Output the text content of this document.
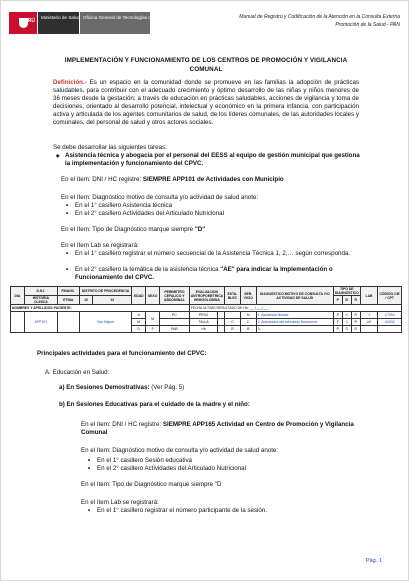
PERÚ
Ministerio de Salud Oficina General de Tecnologías de la Información	Manual de Registro y Codificación de la Atención en la Consulta Externa
Promoción de la Salud - PAN
IMPLEMENTACIÓN Y FUNCIONAMIENTO DE LOS CENTROS DE PROMOCIÓN Y VIGILANCIA
COMUNAL
Definición.- Es un espacio en la comunidad donde se promueve en las familias la adopción de prácticas saludables, para contribuir con el adecuado crecimiento y óptimo desarrollo de las niñas y niños menores de 36 meses desde la gestación; a través de educación en prácticas saludables, acciones de vigilancia y toma de decisiones, orientado al desarrollo potencial, intelectual y económico en la primera infancia, con participación activa y articulada de los agentes comunitarios de salud, de los líderes comunales, de las autoridades locales y comunales, del personal de salud y otros actores sociales.
Se debe desarrollar las siguientes tareas:
◆ Asistencia técnica y abogacía por el personal del EESS al equipo de gestión municipal que gestiona la implementación y funcionamiento del CPVC.
En el ítem: DNI / HC registre: SIEMPRE APP101 de Actividades con Municipio
En el ítem: Diagnóstico motivo de consulta y/o actividad de salud anote:
• En el 1° casillero Asistencia técnica
• En el 2° casillero Actividades del Articulado Nutricional
En el ítem: Tipo de Diagnóstico marque siempre "D"
En el ítem Lab se registrará:
• En el 1° casillero registrar el número secuencial de la Asistencia Técnica 1, 2,… según corresponda.
• En el 2° casillero la temática de la asistencia técnica "AE" para indicar la Implementación o Funcionamiento del CPVC.
DIA	D.N.I.	FINANC.	DISTRITO DE PROCEDENCIA		EDAD	SEXO	PERIMETRO CEFALICO Y ABDOMINAL	EVALUACION ANTROPOMETRICA HEMOGLOBINA		ESTA-BLEC	SER-VICIO	DIAGNÓSTICO MOTIVO DE CONSULTA Y/O ACTIVIDAD DE SALUD	TIPO DE DIAGNÓSTICO			LAB	CÓDIGO CIE / CPT
	HISTORIA CLINICA	ETNIA	10	12									P	D	R		
NOMBRES Y APELLIDOS PACIENTE:								FECHA ULTIMO RESULTADO DE Hb: ___/___/___									
	APP101		San Miguel		A	M	PC	PESO			N	1. Asistencia técnica	P	X	R	1	C7004
					M			TALLA		C	C	2. Actividades del Articulado Nutricional	P	X	R	AE	U0032
					D	F	PAB	Hb		R	R	3.	P	D	R		
Principales actividades para el funcionamiento del CPVC:
A. Educación en Salud:
a) En Sesiones Demostrativas: (Ver Pág. 5)
b) En Sesiones Educativas para el cuidado de la madre y el niño:
En el ítem: DNI / HC registre: SIEMPRE APP165 Actividad en Centro de Promoción y Vigilancia Comunal
En el ítem: Diagnóstico motivo de consulta y/o actividad de salud anote:
• En el 1° casillero Sesión educativa
• En el 2° casillero Actividades del Articulado Nutricional
En el ítem: Tipo de Diagnóstico marque siempre "D
En el ítem Lab se registrará:
• En el 1° casillero registrar el número participante de la sesión.
Pág. 1
